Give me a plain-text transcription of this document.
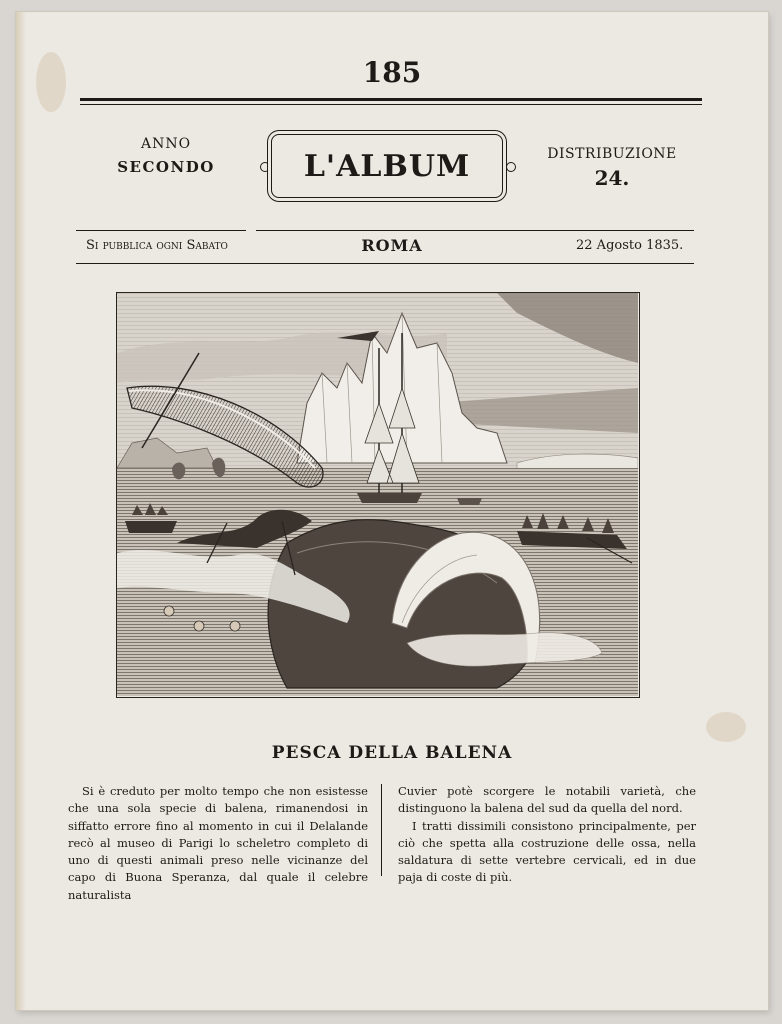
185
ANNO
SECONDO	L'ALBUM	DISTRIBUZIONE
24.
Si pubblica ogni Sabato	ROMA	22 Agosto 1835.
PESCA DELLA BALENA
Si è creduto per molto tempo che non esistesse che una sola specie di balena, rimanendosi in siffatto errore fino al momento in cui il Delalande recò al museo di Parigi lo scheletro completo di uno di questi animali preso nelle vicinanze del capo di Buona Speranza, dal quale il celebre naturalista
Cuvier potè scorgere le notabili varietà, che distinguono la balena del sud da quella del nord.
I tratti dissimili consistono principalmente, per ciò che spetta alla costruzione delle ossa, nella saldatura di sette vertebre cervicali, ed in due paja di coste di più.
